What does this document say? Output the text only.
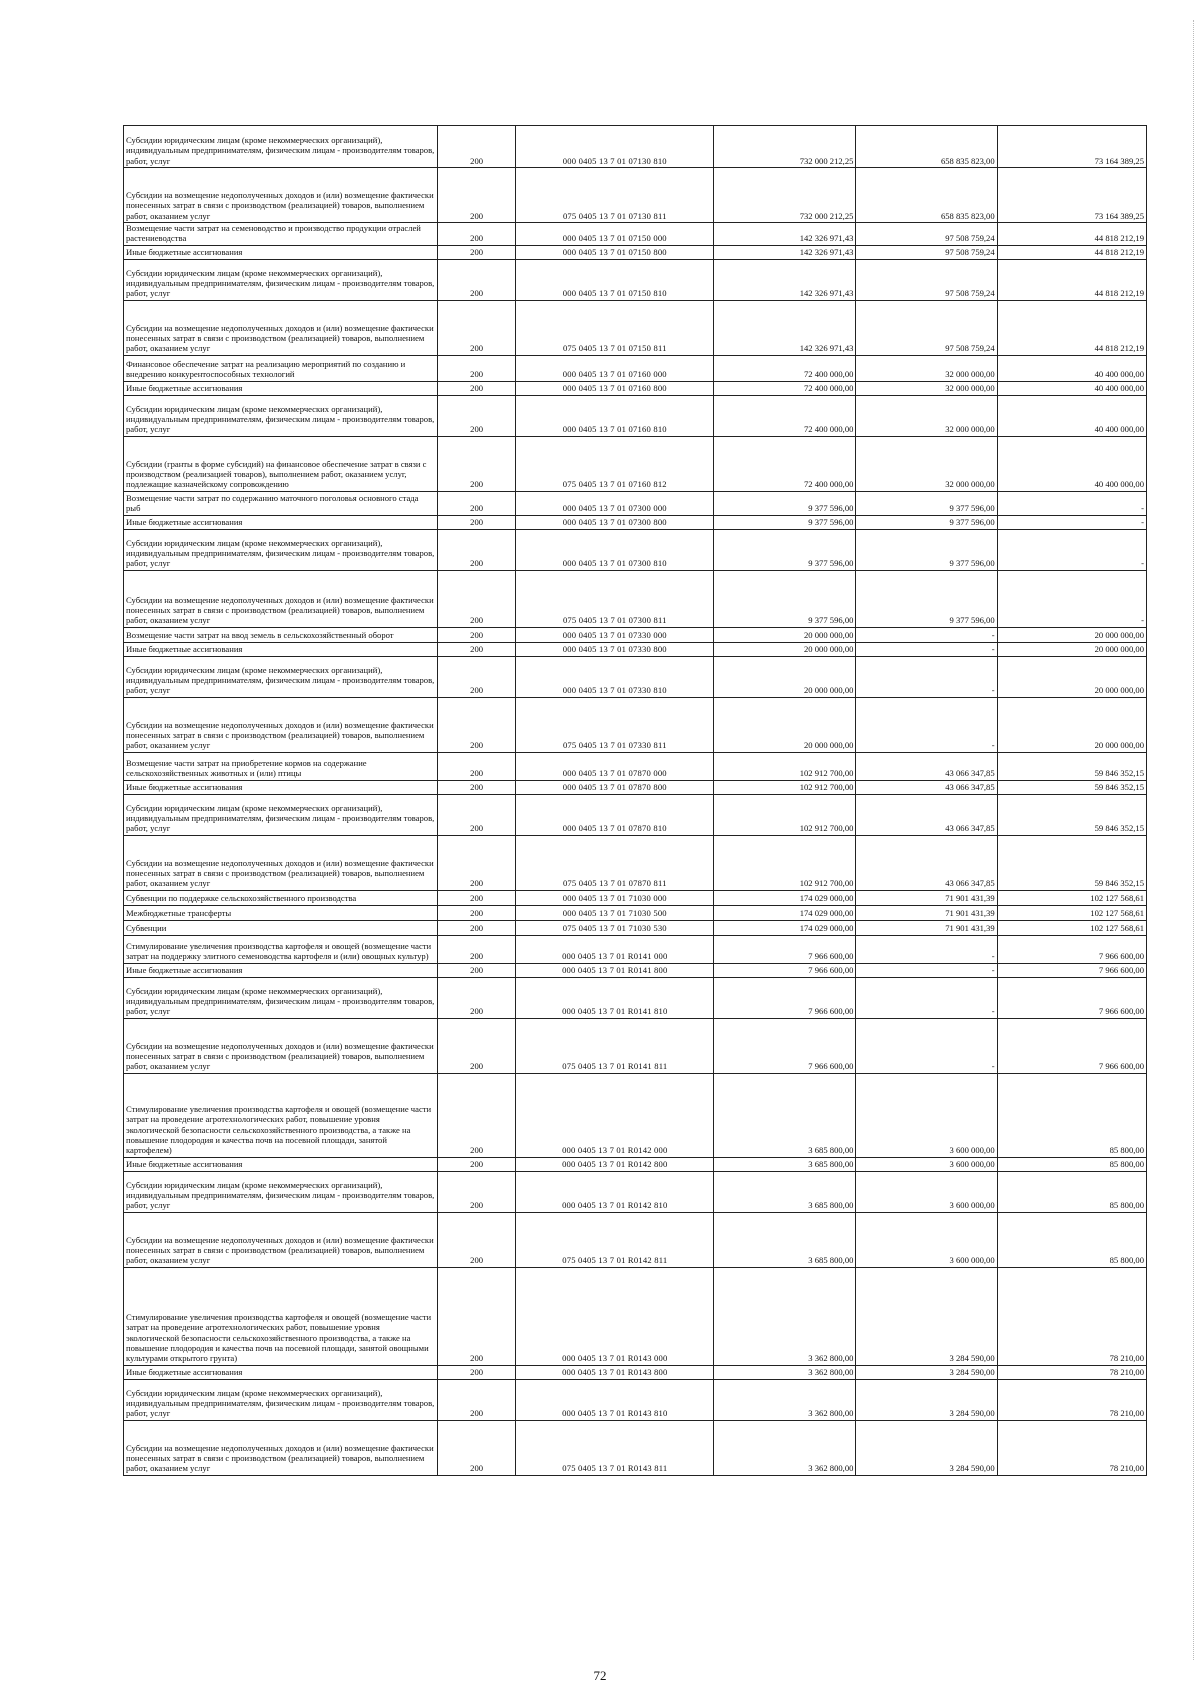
Субсидии юридическим лицам (кроме некоммерческих организаций), индивидуальным предпринимателям, физическим лицам - производителям товаров, работ, услуг	200	000 0405 13 7 01 07130 810	732 000 212,25	658 835 823,00	73 164 389,25
Субсидии на возмещение недополученных доходов и (или) возмещение фактически понесенных затрат в связи с производством (реализацией) товаров, выполнением работ, оказанием услуг	200	075 0405 13 7 01 07130 811	732 000 212,25	658 835 823,00	73 164 389,25
Возмещение части затрат на семеноводство и производство продукции отраслей растениеводства	200	000 0405 13 7 01 07150 000	142 326 971,43	97 508 759,24	44 818 212,19
Иные бюджетные ассигнования	200	000 0405 13 7 01 07150 800	142 326 971,43	97 508 759,24	44 818 212,19
Субсидии юридическим лицам (кроме некоммерческих организаций), индивидуальным предпринимателям, физическим лицам - производителям товаров, работ, услуг	200	000 0405 13 7 01 07150 810	142 326 971,43	97 508 759,24	44 818 212,19
Субсидии на возмещение недополученных доходов и (или) возмещение фактически понесенных затрат в связи с производством (реализацией) товаров, выполнением работ, оказанием услуг	200	075 0405 13 7 01 07150 811	142 326 971,43	97 508 759,24	44 818 212,19
Финансовое обеспечение затрат на реализацию мероприятий по созданию и внедрению конкурентоспособных технологий	200	000 0405 13 7 01 07160 000	72 400 000,00	32 000 000,00	40 400 000,00
Иные бюджетные ассигнования	200	000 0405 13 7 01 07160 800	72 400 000,00	32 000 000,00	40 400 000,00
Субсидии юридическим лицам (кроме некоммерческих организаций), индивидуальным предпринимателям, физическим лицам - производителям товаров, работ, услуг	200	000 0405 13 7 01 07160 810	72 400 000,00	32 000 000,00	40 400 000,00
Субсидии (гранты в форме субсидий) на финансовое обеспечение затрат в связи с производством (реализацией товаров), выполнением работ, оказанием услуг, подлежащие казначейскому сопровождению	200	075 0405 13 7 01 07160 812	72 400 000,00	32 000 000,00	40 400 000,00
Возмещение части затрат по содержанию маточного поголовья основного стада рыб	200	000 0405 13 7 01 07300 000	9 377 596,00	9 377 596,00	-
Иные бюджетные ассигнования	200	000 0405 13 7 01 07300 800	9 377 596,00	9 377 596,00	-
Субсидии юридическим лицам (кроме некоммерческих организаций), индивидуальным предпринимателям, физическим лицам - производителям товаров, работ, услуг	200	000 0405 13 7 01 07300 810	9 377 596,00	9 377 596,00	-
Субсидии на возмещение недополученных доходов и (или) возмещение фактически понесенных затрат в связи с производством (реализацией) товаров, выполнением работ, оказанием услуг	200	075 0405 13 7 01 07300 811	9 377 596,00	9 377 596,00	-
Возмещение части затрат на ввод земель в сельскохозяйственный оборот	200	000 0405 13 7 01 07330 000	20 000 000,00	-	20 000 000,00
Иные бюджетные ассигнования	200	000 0405 13 7 01 07330 800	20 000 000,00	-	20 000 000,00
Субсидии юридическим лицам (кроме некоммерческих организаций), индивидуальным предпринимателям, физическим лицам - производителям товаров, работ, услуг	200	000 0405 13 7 01 07330 810	20 000 000,00	-	20 000 000,00
Субсидии на возмещение недополученных доходов и (или) возмещение фактически понесенных затрат в связи с производством (реализацией) товаров, выполнением работ, оказанием услуг	200	075 0405 13 7 01 07330 811	20 000 000,00	-	20 000 000,00
Возмещение части затрат на приобретение кормов на содержание сельскохозяйственных животных и (или) птицы	200	000 0405 13 7 01 07870 000	102 912 700,00	43 066 347,85	59 846 352,15
Иные бюджетные ассигнования	200	000 0405 13 7 01 07870 800	102 912 700,00	43 066 347,85	59 846 352,15
Субсидии юридическим лицам (кроме некоммерческих организаций), индивидуальным предпринимателям, физическим лицам - производителям товаров, работ, услуг	200	000 0405 13 7 01 07870 810	102 912 700,00	43 066 347,85	59 846 352,15
Субсидии на возмещение недополученных доходов и (или) возмещение фактически понесенных затрат в связи с производством (реализацией) товаров, выполнением работ, оказанием услуг	200	075 0405 13 7 01 07870 811	102 912 700,00	43 066 347,85	59 846 352,15
Субвенции по поддержке сельскохозяйственного производства	200	000 0405 13 7 01 71030 000	174 029 000,00	71 901 431,39	102 127 568,61
Межбюджетные трансферты	200	000 0405 13 7 01 71030 500	174 029 000,00	71 901 431,39	102 127 568,61
Субвенции	200	075 0405 13 7 01 71030 530	174 029 000,00	71 901 431,39	102 127 568,61
Стимулирование увеличения производства картофеля и овощей (возмещение части затрат на поддержку элитного семеноводства картофеля и (или) овощных культур)	200	000 0405 13 7 01 R0141 000	7 966 600,00	-	7 966 600,00
Иные бюджетные ассигнования	200	000 0405 13 7 01 R0141 800	7 966 600,00	-	7 966 600,00
Субсидии юридическим лицам (кроме некоммерческих организаций), индивидуальным предпринимателям, физическим лицам - производителям товаров, работ, услуг	200	000 0405 13 7 01 R0141 810	7 966 600,00	-	7 966 600,00
Субсидии на возмещение недополученных доходов и (или) возмещение фактически понесенных затрат в связи с производством (реализацией) товаров, выполнением работ, оказанием услуг	200	075 0405 13 7 01 R0141 811	7 966 600,00	-	7 966 600,00
Стимулирование увеличения производства картофеля и овощей (возмещение части затрат на проведение агротехнологических работ, повышение уровня экологической безопасности сельскохозяйственного производства, а также на повышение плодородия и качества почв на посевной площади, занятой картофелем)	200	000 0405 13 7 01 R0142 000	3 685 800,00	3 600 000,00	85 800,00
Иные бюджетные ассигнования	200	000 0405 13 7 01 R0142 800	3 685 800,00	3 600 000,00	85 800,00
Субсидии юридическим лицам (кроме некоммерческих организаций), индивидуальным предпринимателям, физическим лицам - производителям товаров, работ, услуг	200	000 0405 13 7 01 R0142 810	3 685 800,00	3 600 000,00	85 800,00
Субсидии на возмещение недополученных доходов и (или) возмещение фактически понесенных затрат в связи с производством (реализацией) товаров, выполнением работ, оказанием услуг	200	075 0405 13 7 01 R0142 811	3 685 800,00	3 600 000,00	85 800,00
Стимулирование увеличения производства картофеля и овощей (возмещение части затрат на проведение агротехнологических работ, повышение уровня экологической безопасности сельскохозяйственного производства, а также на повышение плодородия и качества почв на посевной площади, занятой овощными культурами открытого грунта)	200	000 0405 13 7 01 R0143 000	3 362 800,00	3 284 590,00	78 210,00
Иные бюджетные ассигнования	200	000 0405 13 7 01 R0143 800	3 362 800,00	3 284 590,00	78 210,00
Субсидии юридическим лицам (кроме некоммерческих организаций), индивидуальным предпринимателям, физическим лицам - производителям товаров, работ, услуг	200	000 0405 13 7 01 R0143 810	3 362 800,00	3 284 590,00	78 210,00
Субсидии на возмещение недополученных доходов и (или) возмещение фактически понесенных затрат в связи с производством (реализацией) товаров, выполнением работ, оказанием услуг	200	075 0405 13 7 01 R0143 811	3 362 800,00	3 284 590,00	78 210,00
72
